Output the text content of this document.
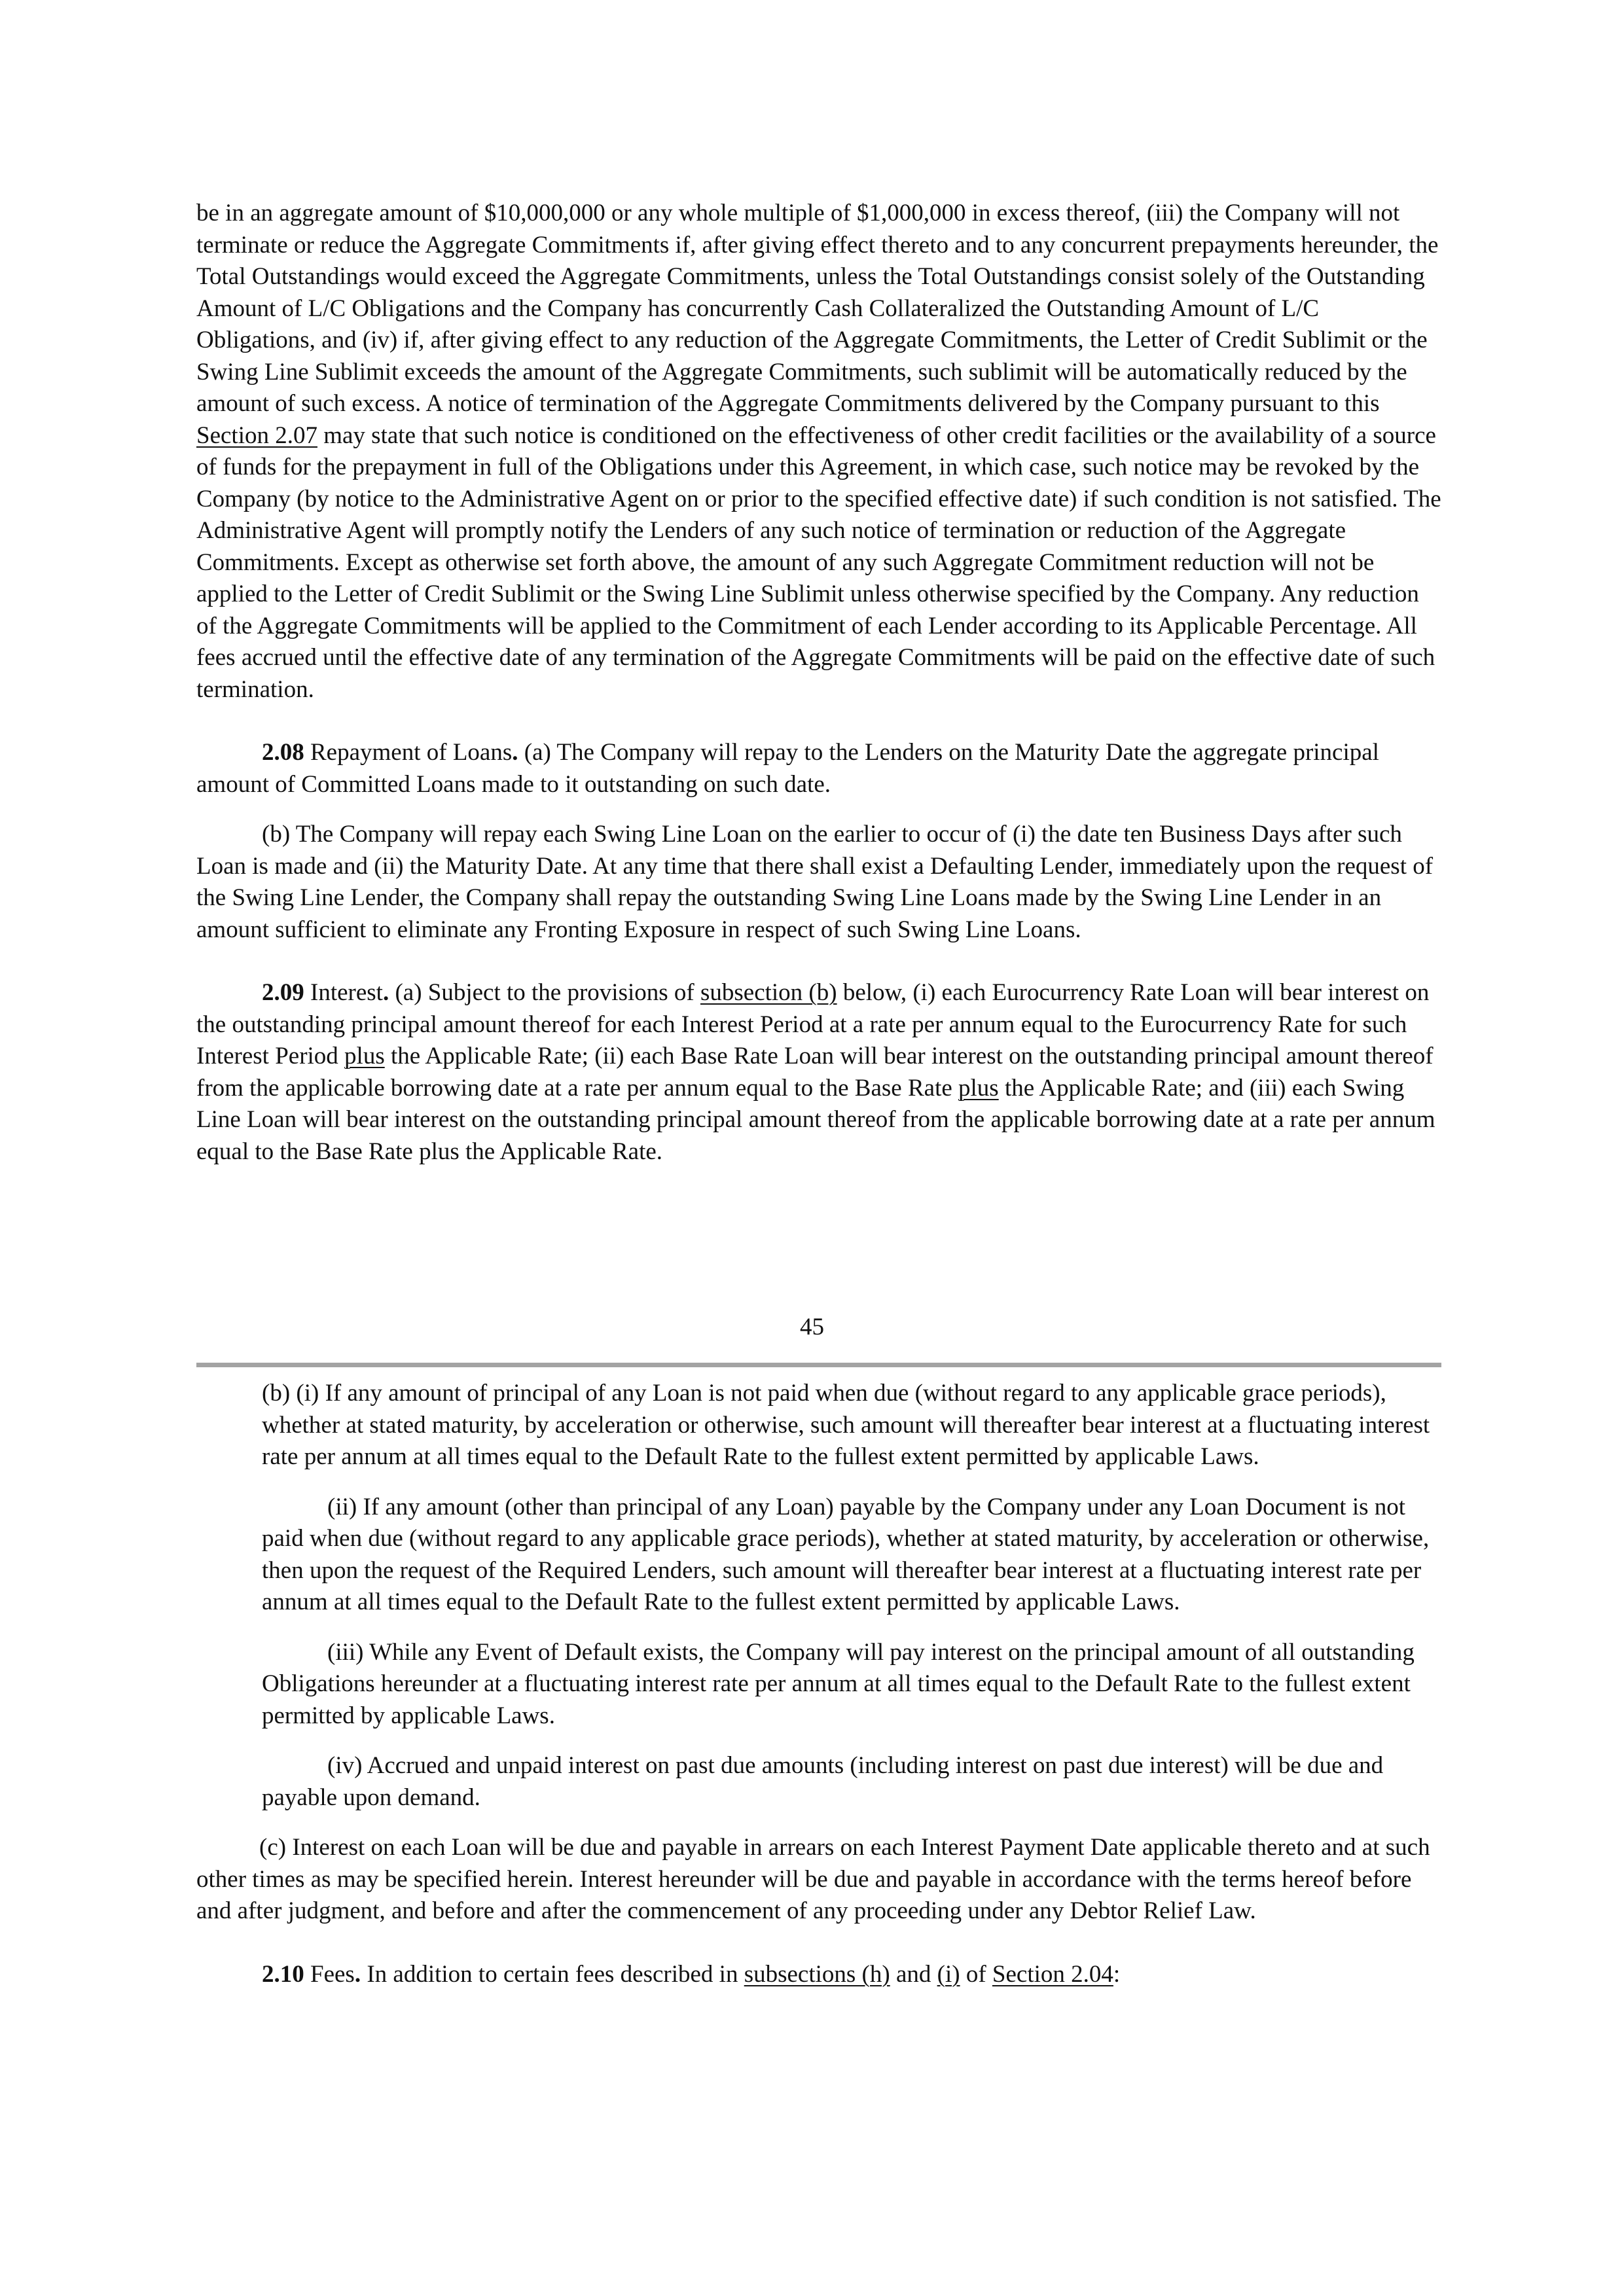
be in an aggregate amount of $10,000,000 or any whole multiple of $1,000,000 in excess thereof, (iii) the Company will not terminate or reduce the Aggregate Commitments if, after giving effect thereto and to any concurrent prepayments hereunder, the Total Outstandings would exceed the Aggregate Commitments, unless the Total Outstandings consist solely of the Outstanding Amount of L/C Obligations and the Company has concurrently Cash Collateralized the Outstanding Amount of L/C Obligations, and (iv) if, after giving effect to any reduction of the Aggregate Commitments, the Letter of Credit Sublimit or the Swing Line Sublimit exceeds the amount of the Aggregate Commitments, such sublimit will be automatically reduced by the amount of such excess. A notice of termination of the Aggregate Commitments delivered by the Company pursuant to this
Section 2.07 may state that such notice is conditioned on the effectiveness of other credit facilities or the availability of a source of funds for the prepayment in full of the Obligations under this Agreement, in which case, such notice may be revoked by the Company (by notice to the Administrative Agent on or prior to the specified effective date) if such condition is not satisfied. The Administrative Agent will promptly notify the Lenders of any such notice of termination or reduction of the Aggregate Commitments. Except as otherwise set forth above, the amount of any such Aggregate Commitment reduction will not be applied to the Letter of Credit Sublimit or the Swing Line Sublimit unless otherwise specified by the Company. Any reduction of the Aggregate Commitments will be applied to the Commitment of each Lender according to its Applicable Percentage. All fees accrued until the effective date of any termination of the Aggregate Commitments will be paid on the effective date of such termination.

2.08 Repayment of Loans. (a) The Company will repay to the Lenders on the Maturity Date the aggregate principal amount of Committed Loans made to it outstanding on such date.

(b) The Company will repay each Swing Line Loan on the earlier to occur of (i) the date ten Business Days after such Loan is made and (ii) the Maturity Date. At any time that there shall exist a Defaulting Lender, immediately upon the request of the Swing Line Lender, the Company shall repay the outstanding Swing Line Loans made by the Swing Line Lender in an amount sufficient to eliminate any Fronting Exposure in respect of such Swing Line Loans.

2.09 Interest. (a) Subject to the provisions of subsection (b) below, (i) each Eurocurrency Rate Loan will bear interest on the outstanding principal amount thereof for each Interest Period at a rate per annum equal to the Eurocurrency Rate for such Interest Period plus the Applicable Rate; (ii) each Base Rate Loan will bear interest on the outstanding principal amount thereof from the applicable borrowing date at a rate per annum equal to the Base Rate plus the Applicable Rate; and (iii) each Swing Line Loan will bear interest on the outstanding principal amount thereof from the applicable borrowing date at a rate per annum equal to the Base Rate plus the Applicable Rate.

45

(b) (i) If any amount of principal of any Loan is not paid when due (without regard to any applicable grace periods), whether at stated maturity, by acceleration or otherwise, such amount will thereafter bear interest at a fluctuating interest rate per annum at all times equal to the Default Rate to the fullest extent permitted by applicable Laws.

(ii) If any amount (other than principal of any Loan) payable by the Company under any Loan Document is not paid when due (without regard to any applicable grace periods), whether at stated maturity, by acceleration or otherwise, then upon the request of the Required Lenders, such amount will thereafter bear interest at a fluctuating interest rate per annum at all times equal to the Default Rate to the fullest extent permitted by applicable Laws.

(iii) While any Event of Default exists, the Company will pay interest on the principal amount of all outstanding Obligations hereunder at a fluctuating interest rate per annum at all times equal to the Default Rate to the fullest extent permitted by applicable Laws.

(iv) Accrued and unpaid interest on past due amounts (including interest on past due interest) will be due and payable upon demand.

(c) Interest on each Loan will be due and payable in arrears on each Interest Payment Date applicable thereto and at such other times as may be specified herein. Interest hereunder will be due and payable in accordance with the terms hereof before and after judgment, and before and after the commencement of any proceeding under any Debtor Relief Law.

2.10 Fees. In addition to certain fees described in subsections (h) and (i) of Section 2.04:
